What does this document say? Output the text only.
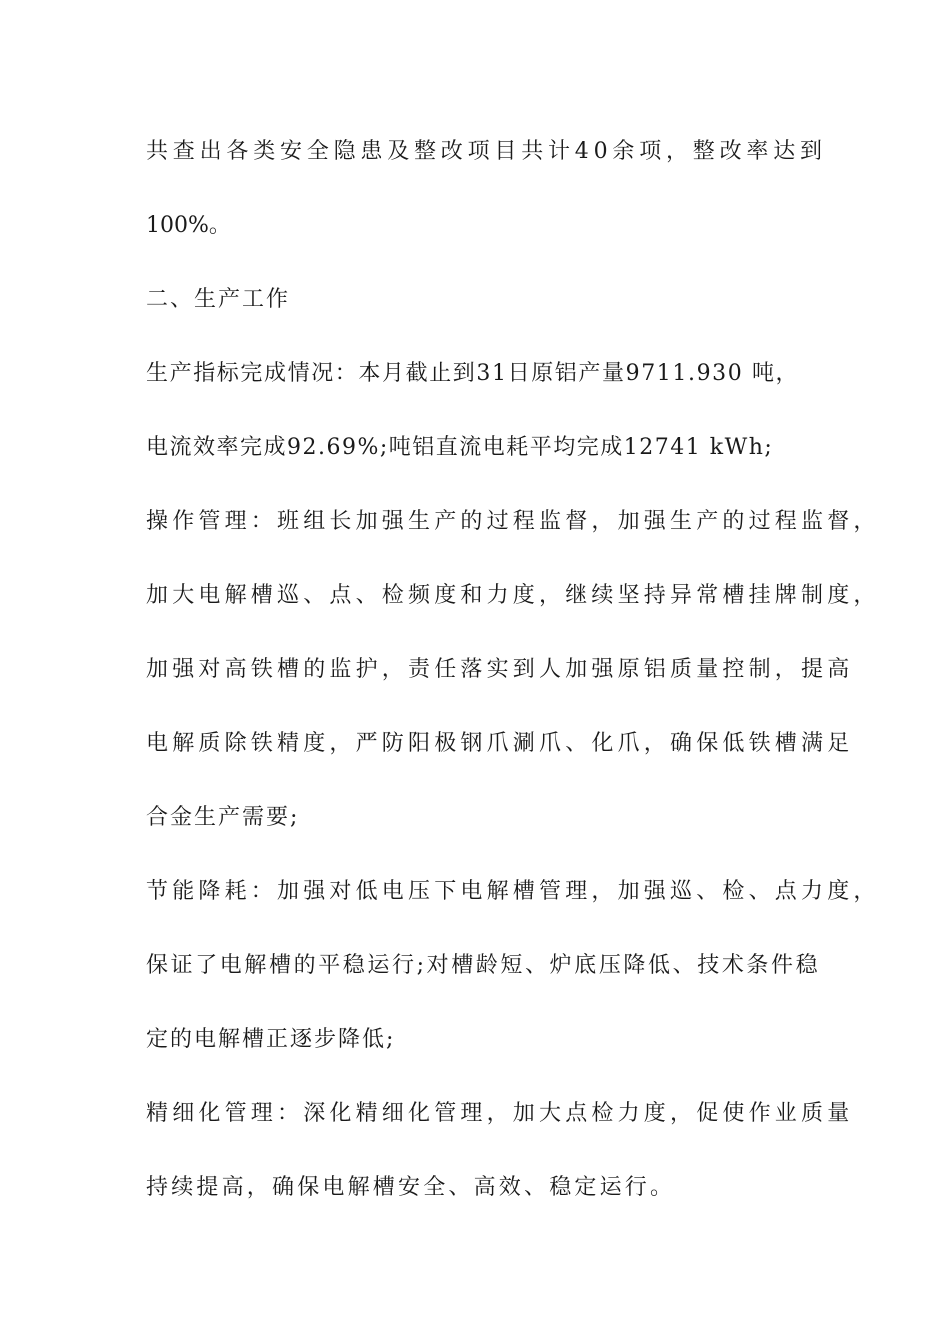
共查出各类安全隐患及整改项目共计40余项，整改率达到

100%。

二、生产工作

生产指标完成情况：本月截止到31日原铝产量9711.930 吨，

电流效率完成92.69%;吨铝直流电耗平均完成12741 kWh;

操作管理：班组长加强生产的过程监督，加强生产的过程监督，

加大电解槽巡、点、检频度和力度，继续坚持异常槽挂牌制度，

加强对高铁槽的监护，责任落实到人加强原铝质量控制，提高

电解质除铁精度，严防阳极钢爪涮爪、化爪，确保低铁槽满足

合金生产需要;

节能降耗：加强对低电压下电解槽管理，加强巡、检、点力度，

保证了电解槽的平稳运行;对槽龄短、炉底压降低、技术条件稳

定的电解槽正逐步降低;

精细化管理：深化精细化管理，加大点检力度，促使作业质量

持续提高，确保电解槽安全、高效、稳定运行。
